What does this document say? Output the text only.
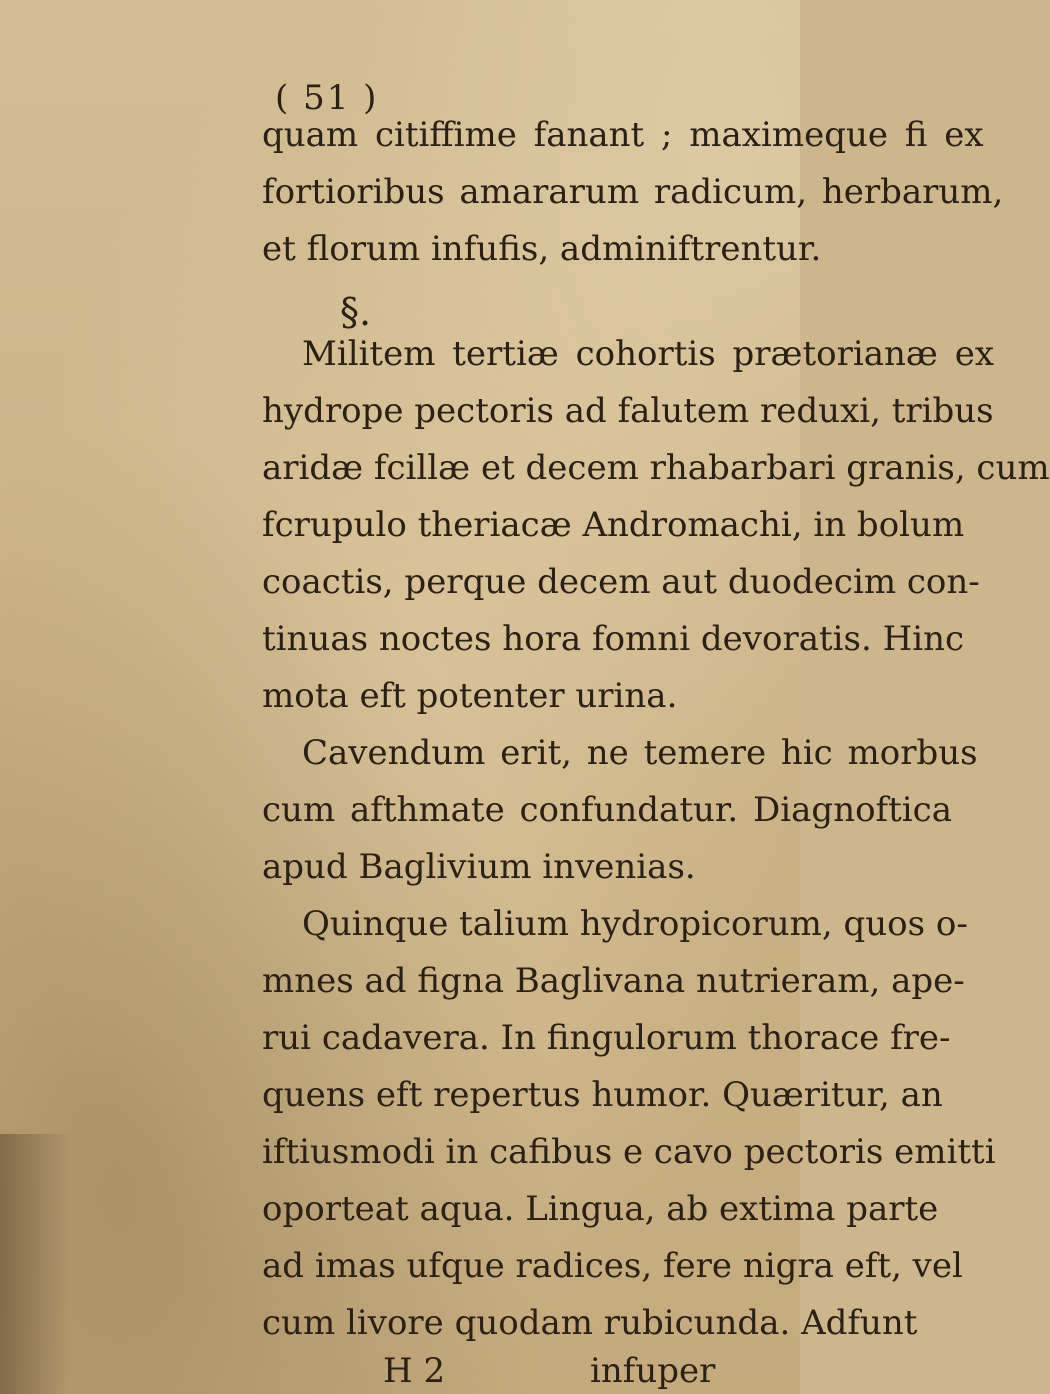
( 51 )
quam citiffime fanant ; maximeque fi ex
fortioribus amararum radicum, herbarum,
et florum infufis, adminiftrentur.
§.
Militem tertiæ cohortis prætorianæ ex
hydrope pectoris ad falutem reduxi, tribus
aridæ fcillæ et decem rhabarbari granis, cum
fcrupulo theriacæ Andromachi, in bolum
coactis, perque decem aut duodecim con-
tinuas noctes hora fomni devoratis. Hinc
mota eft potenter urina.
Cavendum erit, ne temere hic morbus
cum afthmate confundatur. Diagnoftica
apud Baglivium invenias.
Quinque talium hydropicorum, quos o-
mnes ad figna Baglivana nutrieram, ape-
rui cadavera. In fingulorum thorace fre-
quens eft repertus humor. Quæritur, an
iftiusmodi in cafibus e cavo pectoris emitti
oporteat aqua. Lingua, ab extima parte
ad imas ufque radices, fere nigra eft, vel
cum livore quodam rubicunda. Adfunt
H 2	infuper
